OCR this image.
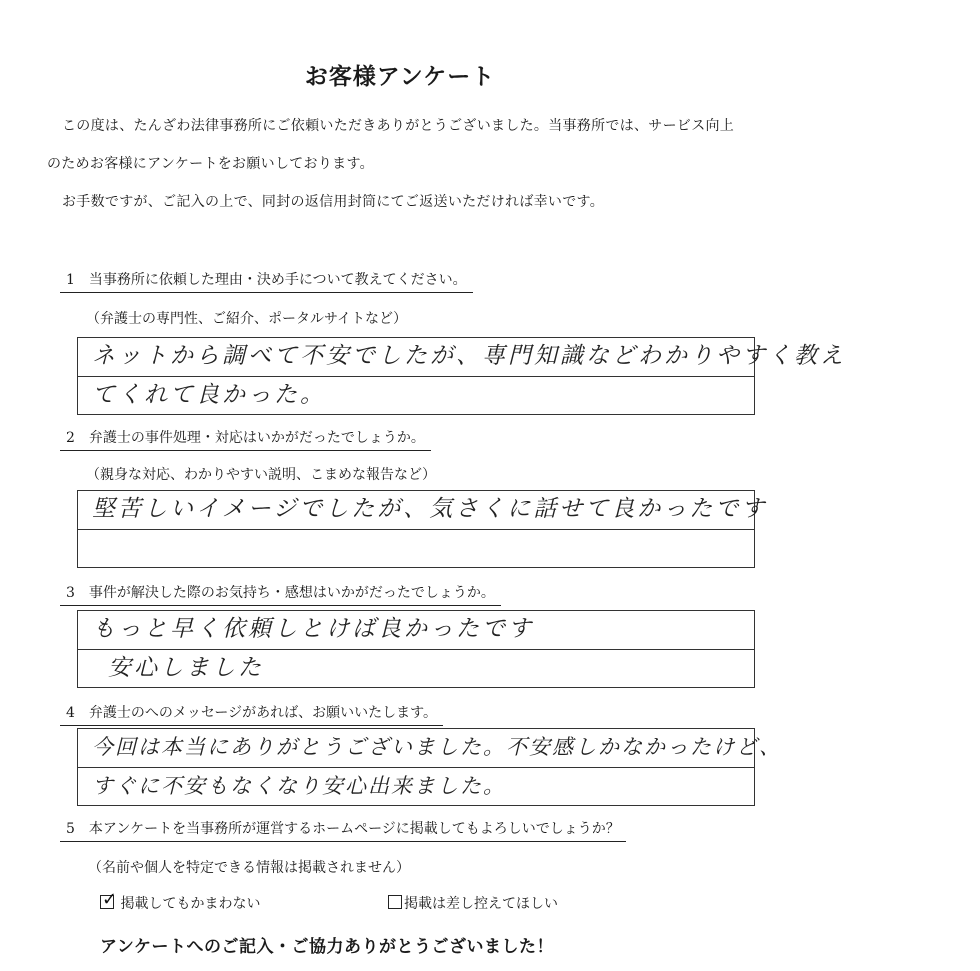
お客様アンケート
この度は、たんざわ法律事務所にご依頼いただきありがとうございました。当事務所では、サービス向上
のためお客様にアンケートをお願いしております。
お手数ですが、ご記入の上で、同封の返信用封筒にてご返送いただければ幸いです。
1 当事務所に依頼した理由・決め手について教えてください。
（弁護士の専門性、ご紹介、ポータルサイトなど）
ネットから調べて不安でしたが、専門知識などわかりやすく教え
てくれて良かった。
2 弁護士の事件処理・対応はいかがだったでしょうか。
（親身な対応、わかりやすい説明、こまめな報告など）
堅苦しいイメージでしたが、気さくに話せて良かったです
3 事件が解決した際のお気持ち・感想はいかがだったでしょうか。
もっと早く依頼しとけば良かったです
安心しました
4 弁護士のへのメッセージがあれば、お願いいたします。
今回は本当にありがとうございました。不安感しかなかったけど、
すぐに不安もなくなり安心出来ました。
5 本アンケートを当事務所が運営するホームページに掲載してもよろしいでしょうか？
（名前や個人を特定できる情報は掲載されません）
✓ 掲載してもかまわない	掲載は差し控えてほしい
アンケートへのご記入・ご協力ありがとうございました！
